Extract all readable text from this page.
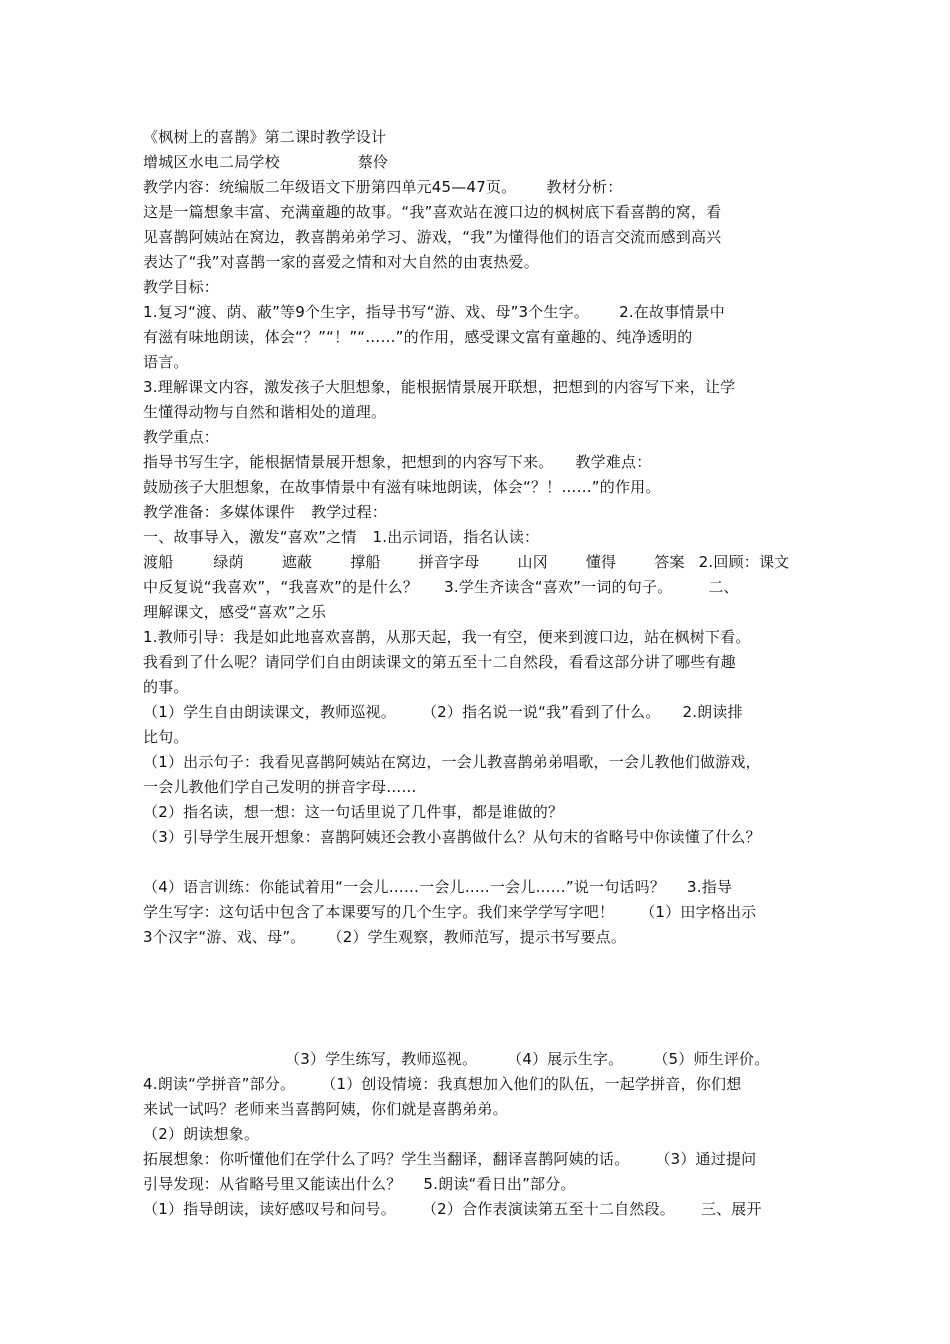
《枫树上的喜鹊》第二课时教学设计
增城区水电二局学校	蔡伶
教学内容：统编版二年级语文下册第四单元45—47页。 教材分析：
这是一篇想象丰富、充满童趣的故事。“我”喜欢站在渡口边的枫树底下看喜鹊的窝，看
见喜鹊阿姨站在窝边，教喜鹊弟弟学习、游戏，“我”为懂得他们的语言交流而感到高兴
表达了“我”对喜鹊一家的喜爱之情和对大自然的由衷热爱。
教学目标：
1.复习“渡、荫、蔽”等9个生字，指导书写“游、戏、母”3个生字。 2.在故事情景中
有滋有味地朗读，体会“？”“！”“……”的作用，感受课文富有童趣的、纯净透明的
语言。
3.理解课文内容，激发孩子大胆想象，能根据情景展开联想，把想到的内容写下来，让学
生懂得动物与自然和谐相处的道理。
教学重点：
指导书写生字，能根据情景展开想象，把想到的内容写下来。 教学难点：
鼓励孩子大胆想象，在故事情景中有滋有味地朗读，体会“？！……”的作用。
教学准备：多媒体课件 教学过程：
一、故事导入，激发“喜欢”之情 1.出示词语，指名认读：
渡船	绿荫	遮蔽	撑船	拼音字母	山冈	懂得	答案 2.回顾：课文
中反复说“我喜欢”，“我喜欢”的是什么？ 3.学生齐读含“喜欢”一词的句子。 二、
理解课文，感受“喜欢”之乐
1.教师引导：我是如此地喜欢喜鹊，从那天起，我一有空，便来到渡口边，站在枫树下看。
我看到了什么呢？请同学们自由朗读课文的第五至十二自然段，看看这部分讲了哪些有趣
的事。
（1）学生自由朗读课文，教师巡视。 （2）指名说一说“我”看到了什么。 2.朗读排
比句。
（1）出示句子：我看见喜鹊阿姨站在窝边，一会儿教喜鹊弟弟唱歌，一会儿教他们做游戏，
一会儿教他们学自己发明的拼音字母……
（2）指名读，想一想：这一句话里说了几件事，都是谁做的？
（3）引导学生展开想象：喜鹊阿姨还会教小喜鹊做什么？从句末的省略号中你读懂了什么？
（4）语言训练：你能试着用“一会儿……一会儿…..一会儿……”说一句话吗？ 3.指导
学生写字：这句话中包含了本课要写的几个生字。我们来学学写字吧！ （1）田字格出示
3个汉字“游、戏、母”。 （2）学生观察，教师范写，提示书写要点。
（3）学生练写，教师巡视。 （4）展示生字。 （5）师生评价。
4.朗读“学拼音”部分。 （1）创设情境：我真想加入他们的队伍，一起学拼音，你们想
来试一试吗？老师来当喜鹊阿姨，你们就是喜鹊弟弟。
（2）朗读想象。
拓展想象：你听懂他们在学什么了吗？学生当翻译，翻译喜鹊阿姨的话。 （3）通过提问
引导发现：从省略号里又能读出什么？ 5.朗读“看日出”部分。
（1）指导朗读，读好感叹号和问号。 （2）合作表演读第五至十二自然段。 三、展开
